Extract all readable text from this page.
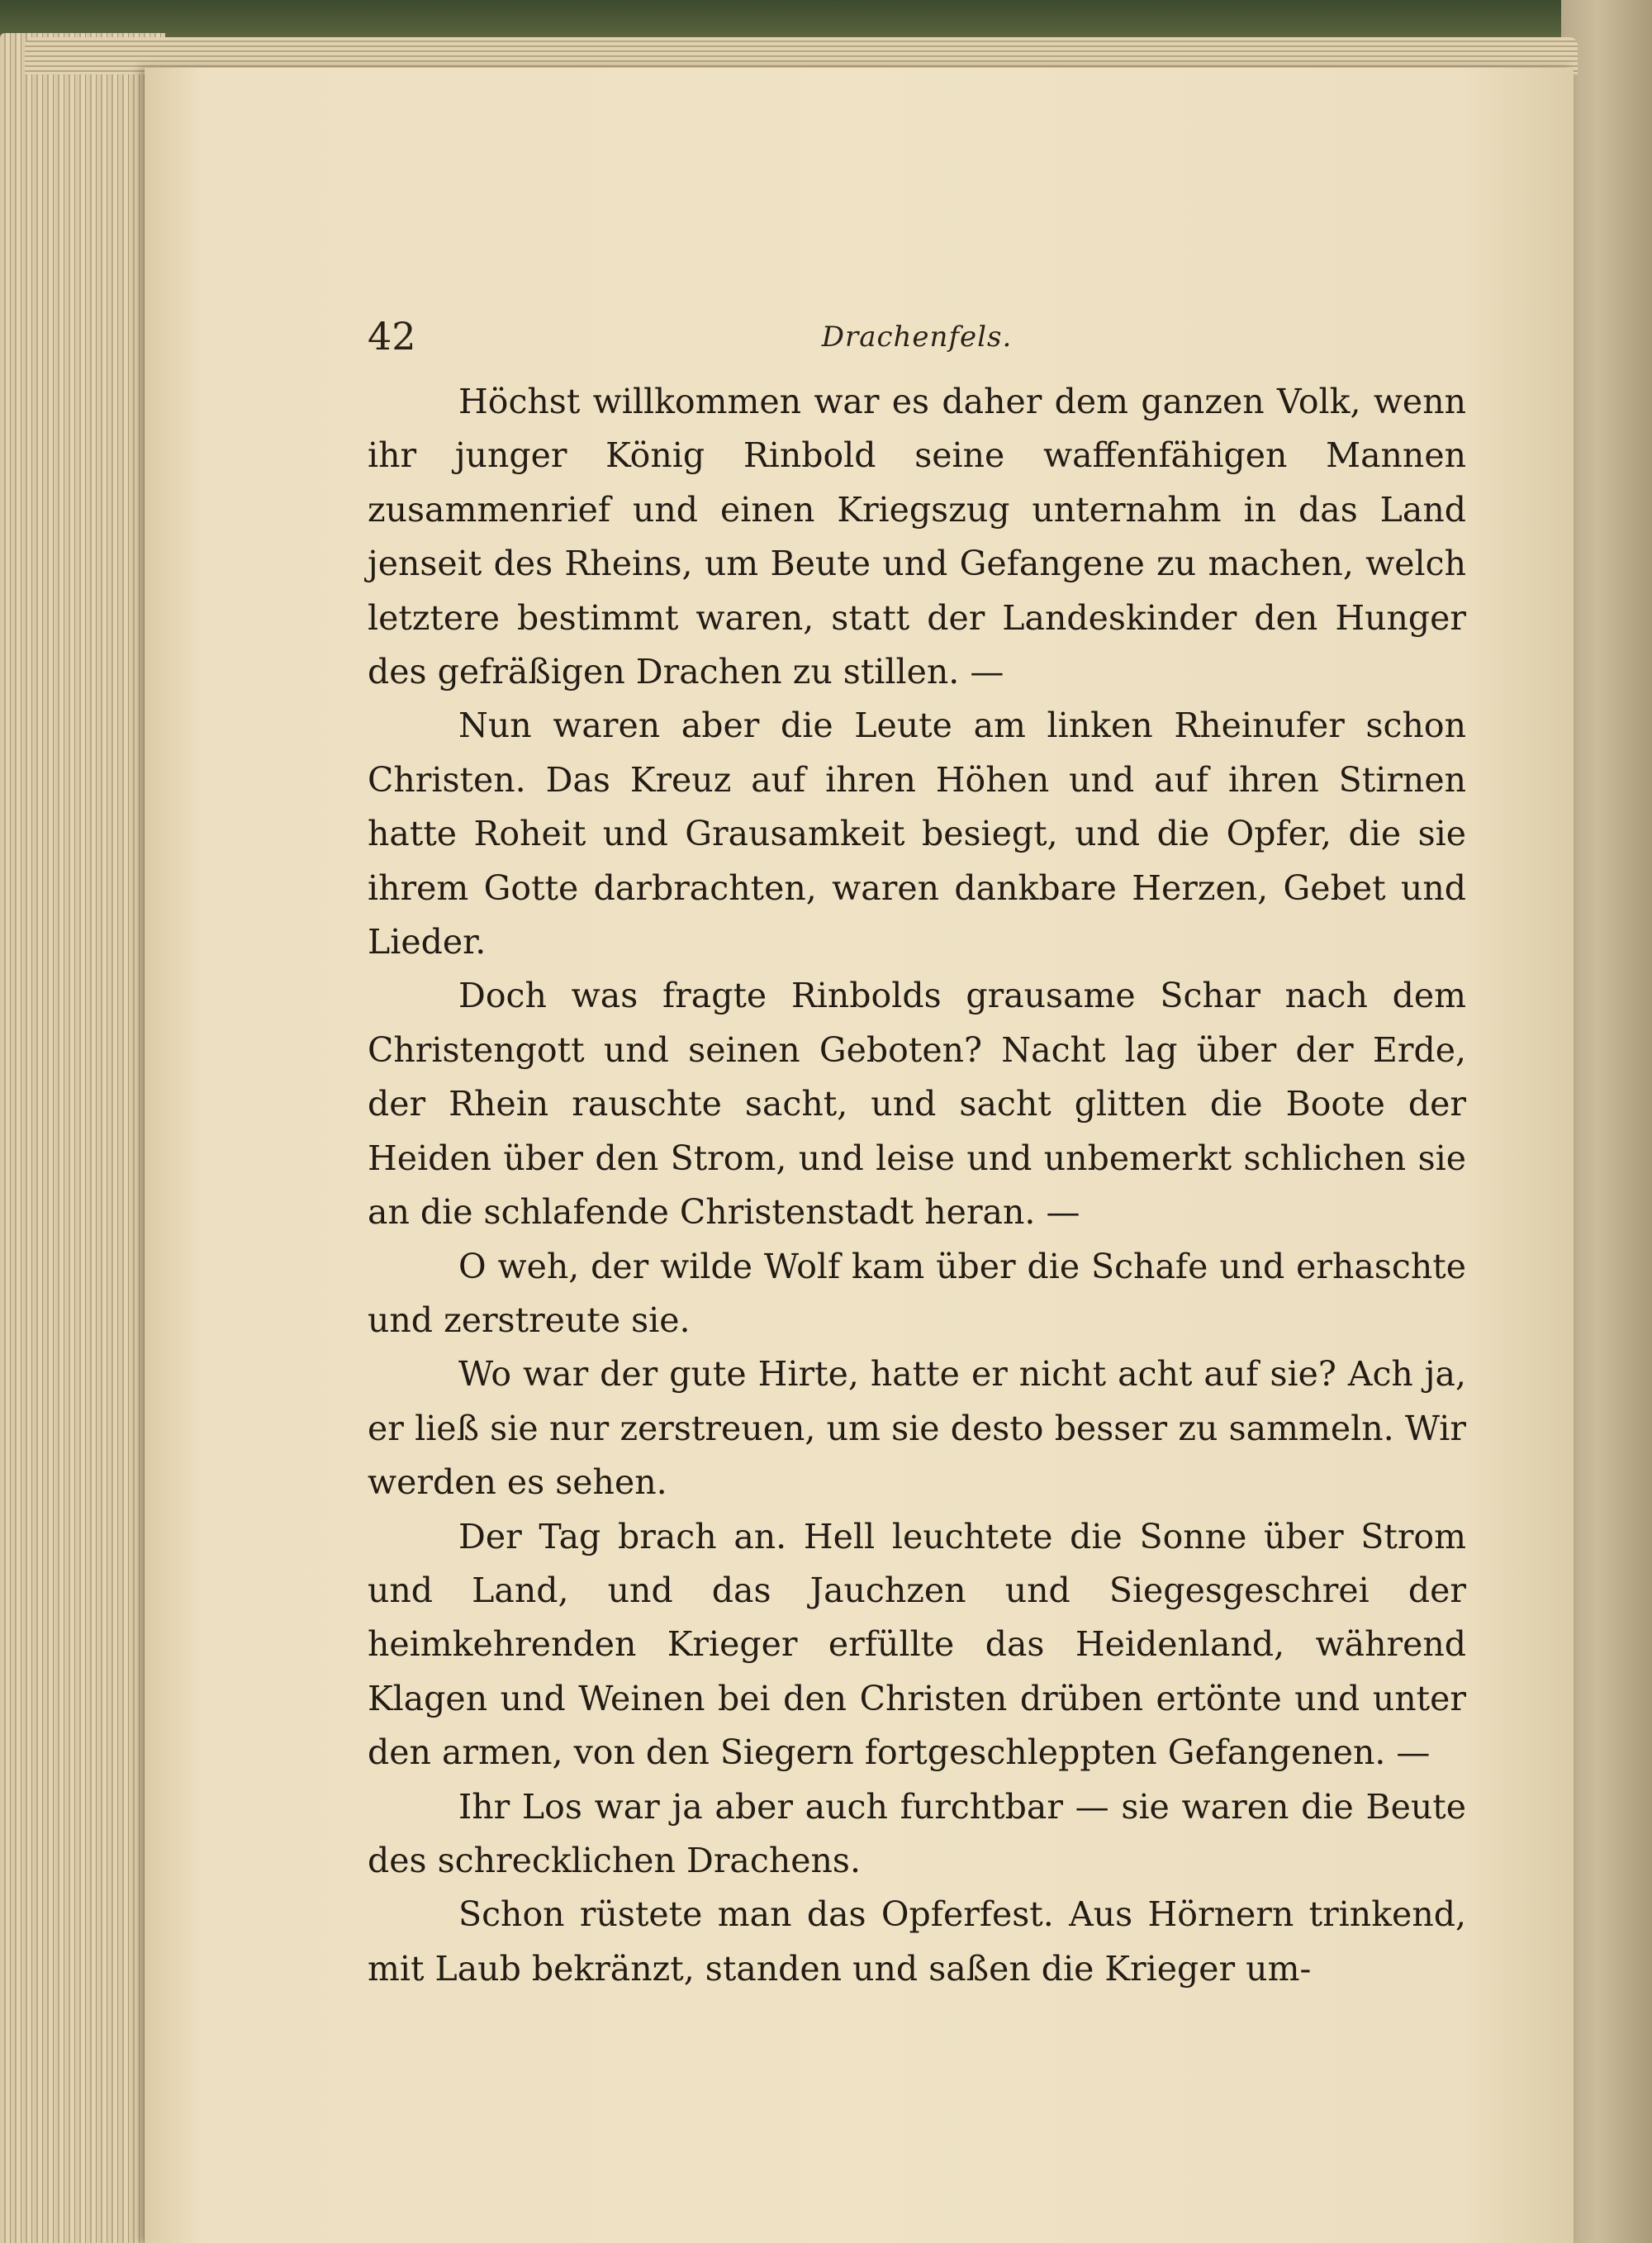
42	Drachenfels.

Höchst willkommen war es daher dem ganzen Volk, wenn ihr junger König Rinbold seine waffenfähigen Mannen zusammenrief und einen Kriegszug unternahm in das Land jenseit des Rheins, um Beute und Gefangene zu machen, welch letztere bestimmt waren, statt der Landeskinder den Hunger des gefräßigen Drachen zu stillen. —

Nun waren aber die Leute am linken Rheinufer schon Christen. Das Kreuz auf ihren Höhen und auf ihren Stirnen hatte Roheit und Grausamkeit besiegt, und die Opfer, die sie ihrem Gotte darbrachten, waren dankbare Herzen, Gebet und Lieder.

Doch was fragte Rinbolds grausame Schar nach dem Christengott und seinen Geboten? Nacht lag über der Erde, der Rhein rauschte sacht, und sacht glitten die Boote der Heiden über den Strom, und leise und unbemerkt schlichen sie an die schlafende Christenstadt heran. —

O weh, der wilde Wolf kam über die Schafe und erhaschte und zerstreute sie.

Wo war der gute Hirte, hatte er nicht acht auf sie? Ach ja, er ließ sie nur zerstreuen, um sie desto besser zu sammeln. Wir werden es sehen.

Der Tag brach an. Hell leuchtete die Sonne über Strom und Land, und das Jauchzen und Siegesgeschrei der heimkehrenden Krieger erfüllte das Heidenland, während Klagen und Weinen bei den Christen drüben ertönte und unter den armen, von den Siegern fortgeschleppten Gefangenen. —

Ihr Los war ja aber auch furchtbar — sie waren die Beute des schrecklichen Drachens.

Schon rüstete man das Opferfest. Aus Hörnern trinkend, mit Laub bekränzt, standen und saßen die Krieger um-
